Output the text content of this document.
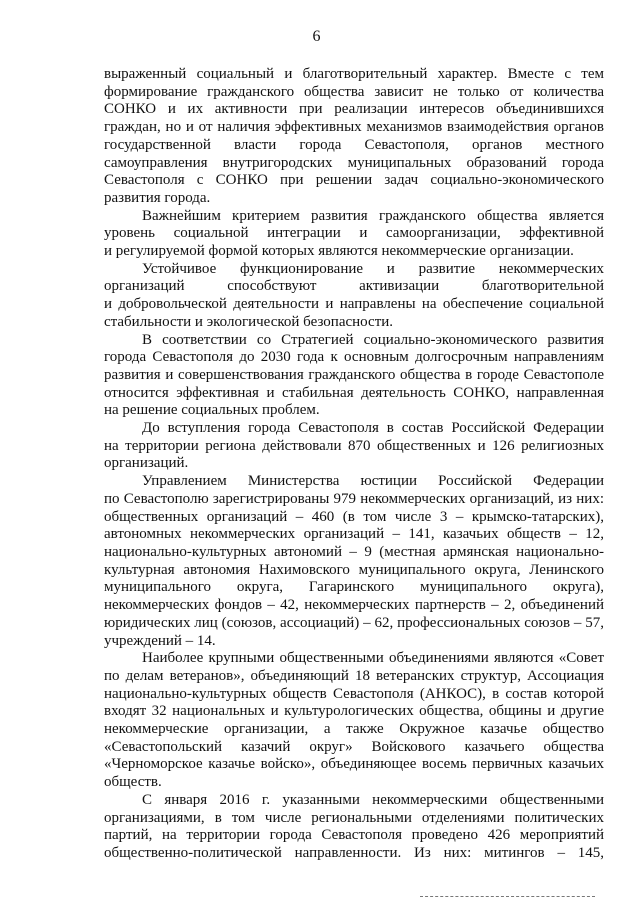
6
выраженный социальный и благотворительный характер. Вместе с тем
формирование гражданского общества зависит не только от количества
СОНКО и их активности при реализации интересов объединившихся
граждан, но и от наличия эффективных механизмов взаимодействия органов
государственной власти города Севастополя, органов местного
самоуправления внутригородских муниципальных образований города
Севастополя с СОНКО при решении задач социально-экономического
развития города.
Важнейшим критерием развития гражданского общества является
уровень социальной интеграции и самоорганизации, эффективной
и регулируемой формой которых являются некоммерческие организации.
Устойчивое функционирование и развитие некоммерческих
организаций способствуют активизации благотворительной
и добровольческой деятельности и направлены на обеспечение социальной
стабильности и экологической безопасности.
В соответствии со Стратегией социально-экономического развития
города Севастополя до 2030 года к основным долгосрочным направлениям
развития и совершенствования гражданского общества в городе Севастополе
относится эффективная и стабильная деятельность СОНКО, направленная
на решение социальных проблем.
До вступления города Севастополя в состав Российской Федерации
на территории региона действовали 870 общественных и 126 религиозных
организаций.
Управлением Министерства юстиции Российской Федерации
по Севастополю зарегистрированы 979 некоммерческих организаций, из них:
общественных организаций – 460 (в том числе 3 – крымско-татарских),
автономных некоммерческих организаций – 141, казачьих обществ – 12,
национально-культурных автономий – 9 (местная армянская национально-
культурная автономия Нахимовского муниципального округа, Ленинского
муниципального округа, Гагаринского муниципального округа),
некоммерческих фондов – 42, некоммерческих партнерств – 2, объединений
юридических лиц (союзов, ассоциаций) – 62, профессиональных союзов – 57,
учреждений – 14.
Наиболее крупными общественными объединениями являются «Совет
по делам ветеранов», объединяющий 18 ветеранских структур, Ассоциация
национально-культурных обществ Севастополя (АНКОС), в состав которой
входят 32 национальных и культурологических общества, общины и другие
некоммерческие организации, а также Окружное казачье общество
«Севастопольский казачий округ» Войскового казачьего общества
«Черноморское казачье войско», объединяющее восемь первичных казачьих
обществ.
С января 2016 г. указанными некоммерческими общественными
организациями, в том числе региональными отделениями политических
партий, на территории города Севастополя проведено 426 мероприятий
общественно-политической направленности. Из них: митингов – 145,
